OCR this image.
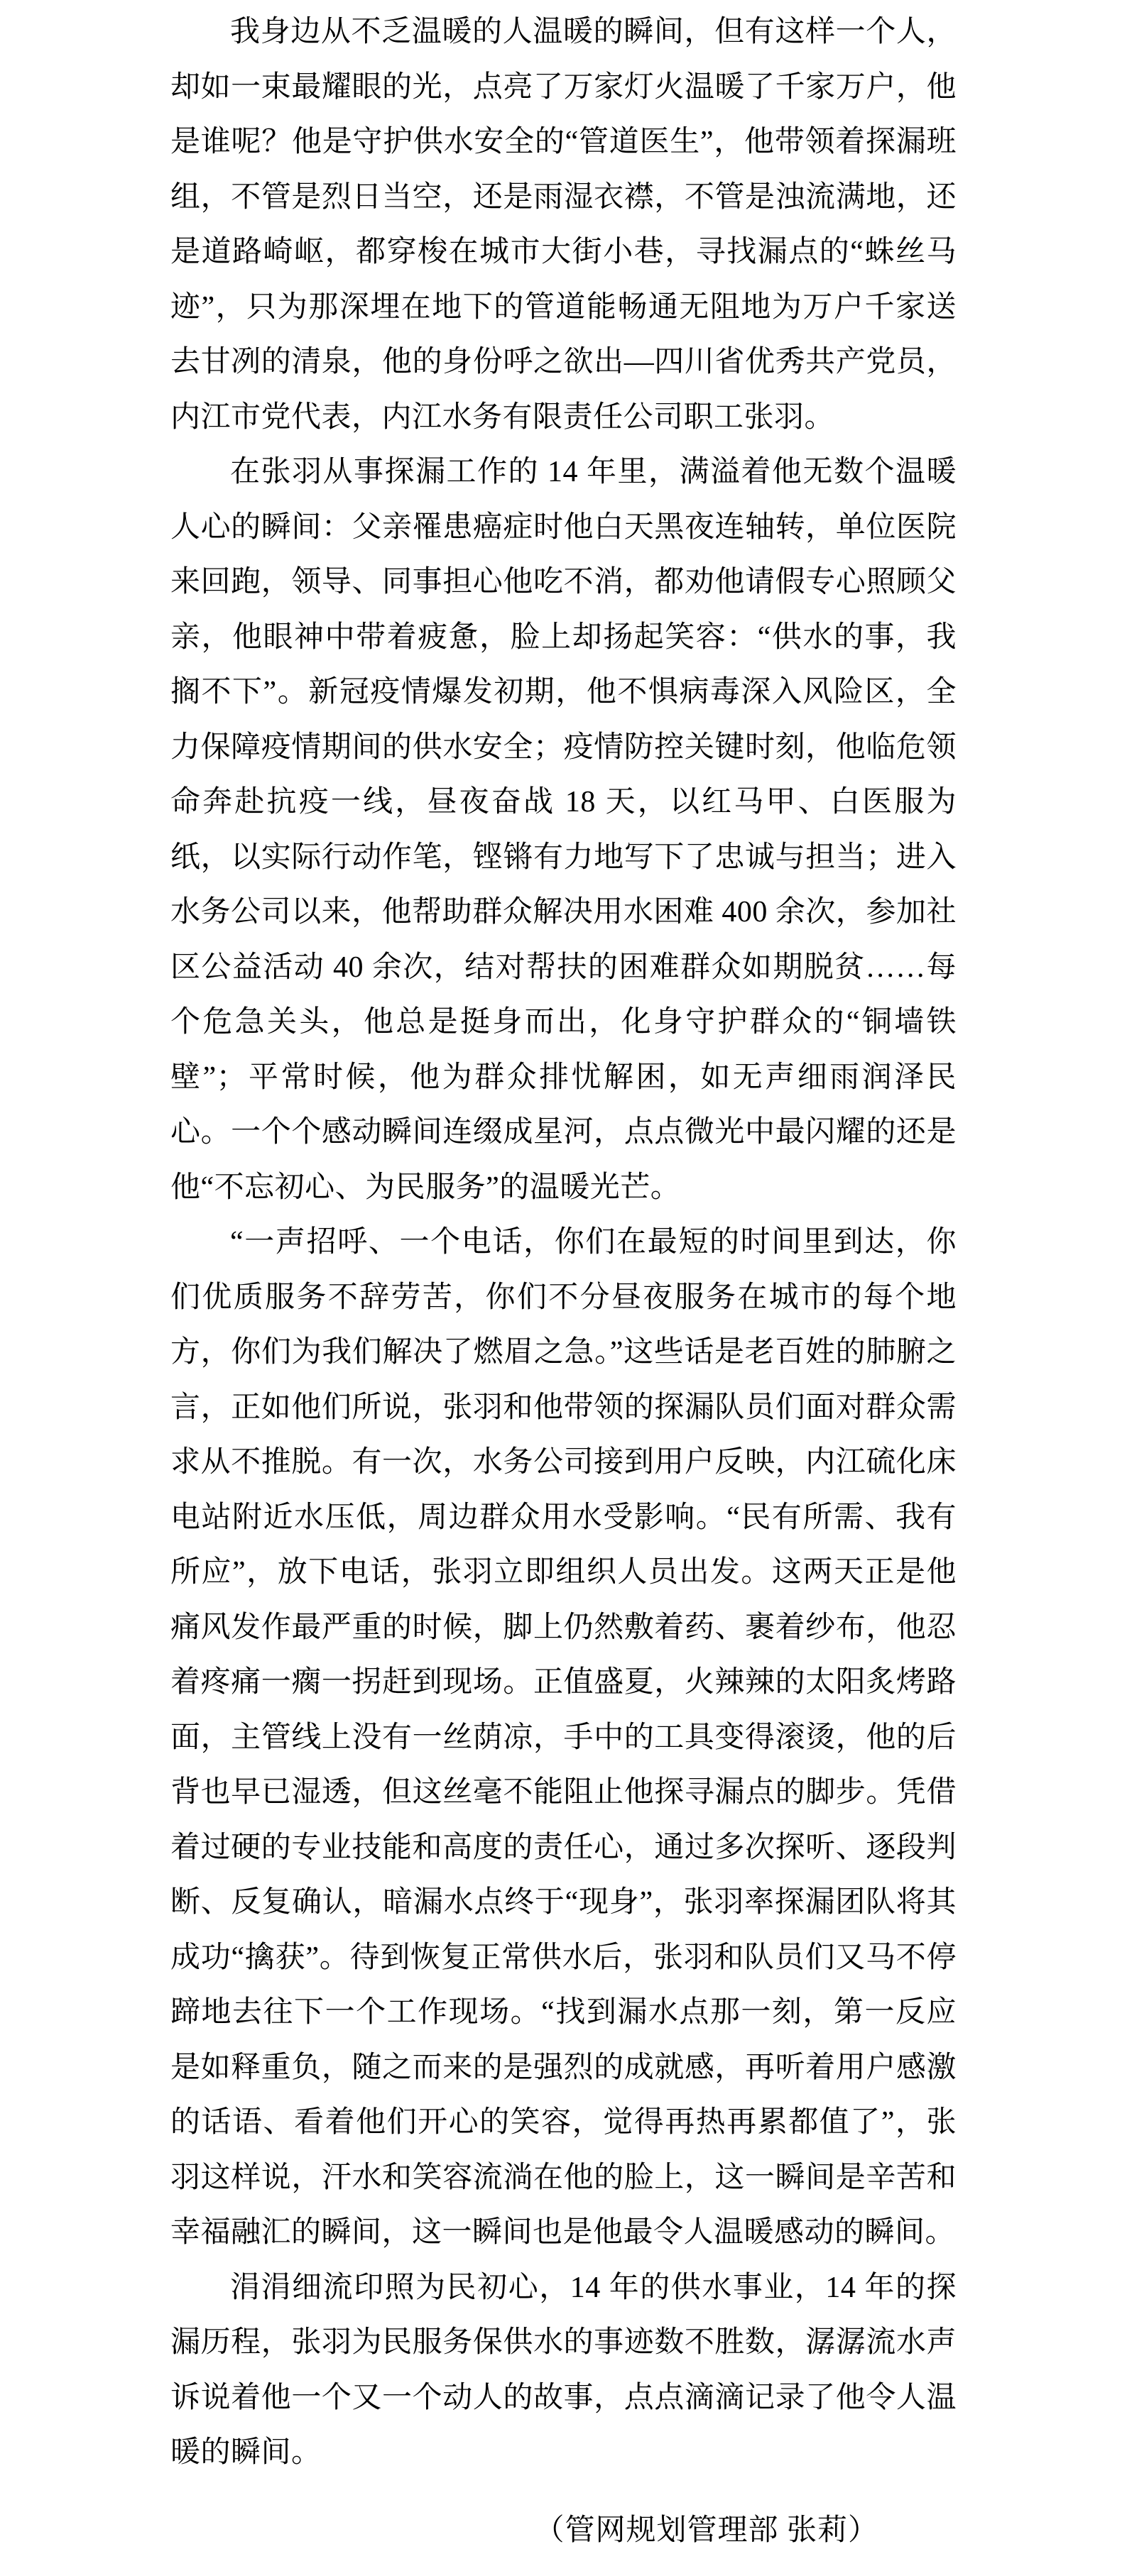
我身边从不乏温暖的人温暖的瞬间，但有这样一个人，却如一束最耀眼的光，点亮了万家灯火温暖了千家万户，他是谁呢？他是守护供水安全的“管道医生”，他带领着探漏班组，不管是烈日当空，还是雨湿衣襟，不管是浊流满地，还是道路崎岖，都穿梭在城市大街小巷，寻找漏点的“蛛丝马迹”，只为那深埋在地下的管道能畅通无阻地为万户千家送去甘冽的清泉，他的身份呼之欲出—四川省优秀共产党员，内江市党代表，内江水务有限责任公司职工张羽。

在张羽从事探漏工作的 14 年里，满溢着他无数个温暖人心的瞬间：父亲罹患癌症时他白天黑夜连轴转，单位医院来回跑，领导、同事担心他吃不消，都劝他请假专心照顾父亲，他眼神中带着疲惫，脸上却扬起笑容：“供水的事，我搁不下”。新冠疫情爆发初期，他不惧病毒深入风险区，全力保障疫情期间的供水安全；疫情防控关键时刻，他临危领命奔赴抗疫一线，昼夜奋战 18 天，以红马甲、白医服为纸，以实际行动作笔，铿锵有力地写下了忠诚与担当；进入水务公司以来，他帮助群众解决用水困难 400 余次，参加社区公益活动 40 余次，结对帮扶的困难群众如期脱贫……每个危急关头，他总是挺身而出，化身守护群众的“铜墙铁壁”；平常时候，他为群众排忧解困，如无声细雨润泽民心。一个个感动瞬间连缀成星河，点点微光中最闪耀的还是他“不忘初心、为民服务”的温暖光芒。

“一声招呼、一个电话，你们在最短的时间里到达，你们优质服务不辞劳苦，你们不分昼夜服务在城市的每个地方，你们为我们解决了燃眉之急。”这些话是老百姓的肺腑之言，正如他们所说，张羽和他带领的探漏队员们面对群众需求从不推脱。有一次，水务公司接到用户反映，内江硫化床电站附近水压低，周边群众用水受影响。“民有所需、我有所应”，放下电话，张羽立即组织人员出发。这两天正是他痛风发作最严重的时候，脚上仍然敷着药、裹着纱布，他忍着疼痛一瘸一拐赶到现场。正值盛夏，火辣辣的太阳炙烤路面，主管线上没有一丝荫凉，手中的工具变得滚烫，他的后背也早已湿透，但这丝毫不能阻止他探寻漏点的脚步。凭借着过硬的专业技能和高度的责任心，通过多次探听、逐段判断、反复确认，暗漏水点终于“现身”，张羽率探漏团队将其成功“擒获”。待到恢复正常供水后，张羽和队员们又马不停蹄地去往下一个工作现场。“找到漏水点那一刻，第一反应是如释重负，随之而来的是强烈的成就感，再听着用户感激的话语、看着他们开心的笑容，觉得再热再累都值了”，张羽这样说，汗水和笑容流淌在他的脸上，这一瞬间是辛苦和幸福融汇的瞬间，这一瞬间也是他最令人温暖感动的瞬间。

涓涓细流印照为民初心，14 年的供水事业，14 年的探漏历程，张羽为民服务保供水的事迹数不胜数，潺潺流水声诉说着他一个又一个动人的故事，点点滴滴记录了他令人温暖的瞬间。

（管网规划管理部 张莉）
